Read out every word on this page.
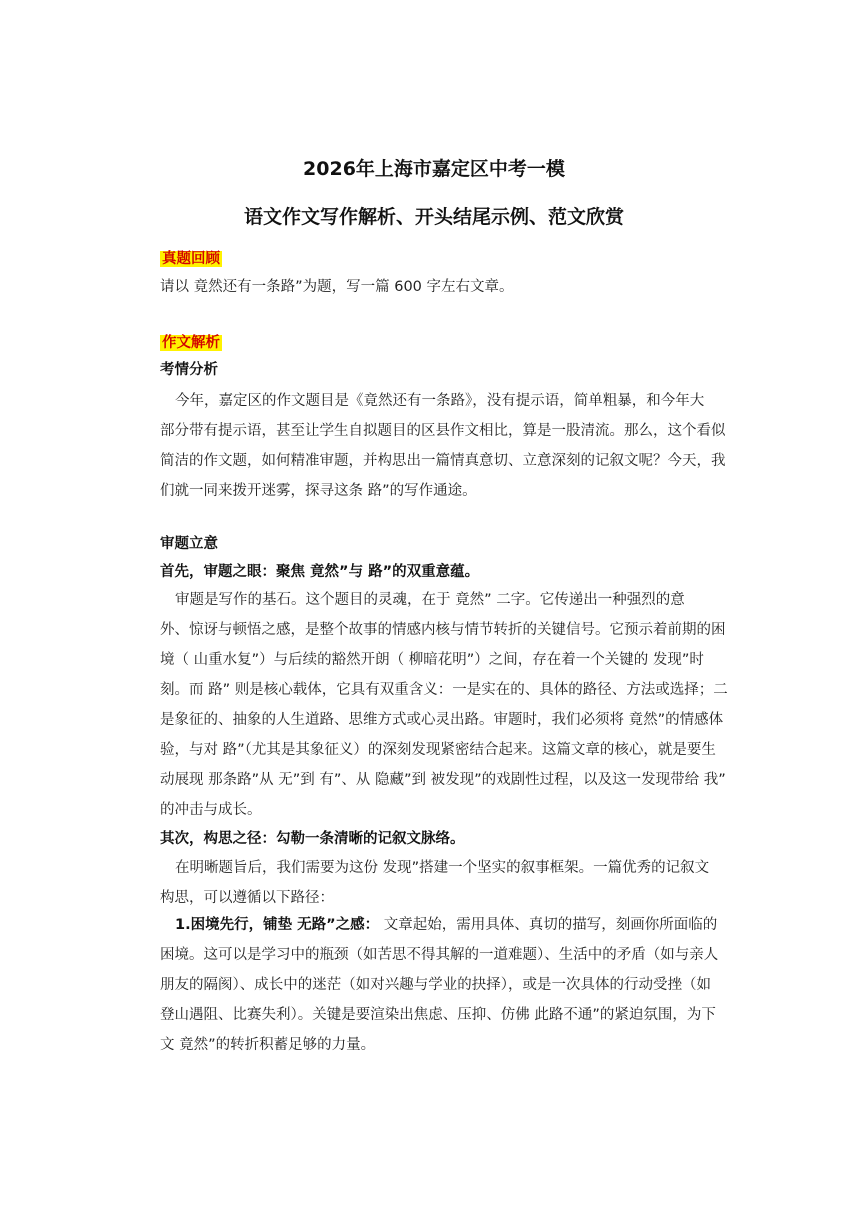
2026年上海市嘉定区中考一模
语文作文写作解析、开头结尾示例、范文欣赏
真题回顾
请以 竟然还有一条路”为题，写一篇 600 字左右文章。
作文解析
考情分析
今年，嘉定区的作文题目是《竟然还有一条路》，没有提示语，简单粗暴，和今年大
部分带有提示语，甚至让学生自拟题目的区县作文相比，算是一股清流。那么，这个看似
简洁的作文题，如何精准审题，并构思出一篇情真意切、立意深刻的记叙文呢？今天，我
们就一同来拨开迷雾，探寻这条 路”的写作通途。
审题立意
首先，审题之眼：聚焦 竟然”与 路”的双重意蕴。
审题是写作的基石。这个题目的灵魂，在于 竟然” 二字。它传递出一种强烈的意
外、惊讶与顿悟之感，是整个故事的情感内核与情节转折的关键信号。它预示着前期的困
境（ 山重水复”）与后续的豁然开朗（ 柳暗花明”）之间，存在着一个关键的 发现”时
刻。而 路” 则是核心载体，它具有双重含义：一是实在的、具体的路径、方法或选择；二
是象征的、抽象的人生道路、思维方式或心灵出路。审题时，我们必须将 竟然”的情感体
验，与对 路”（尤其是其象征义）的深刻发现紧密结合起来。这篇文章的核心，就是要生
动展现 那条路”从 无”到 有”、从 隐藏”到 被发现”的戏剧性过程，以及这一发现带给 我”
的冲击与成长。
其次，构思之径：勾勒一条清晰的记叙文脉络。
在明晰题旨后，我们需要为这份 发现”搭建一个坚实的叙事框架。一篇优秀的记叙文
构思，可以遵循以下路径：
1.困境先行，铺垫 无路”之感： 文章起始，需用具体、真切的描写，刻画你所面临的
困境。这可以是学习中的瓶颈（如苦思不得其解的一道难题）、生活中的矛盾（如与亲人
朋友的隔阂）、成长中的迷茫（如对兴趣与学业的抉择），或是一次具体的行动受挫（如
登山遇阻、比赛失利）。关键是要渲染出焦虑、压抑、仿佛 此路不通”的紧迫氛围，为下
文 竟然”的转折积蓄足够的力量。
